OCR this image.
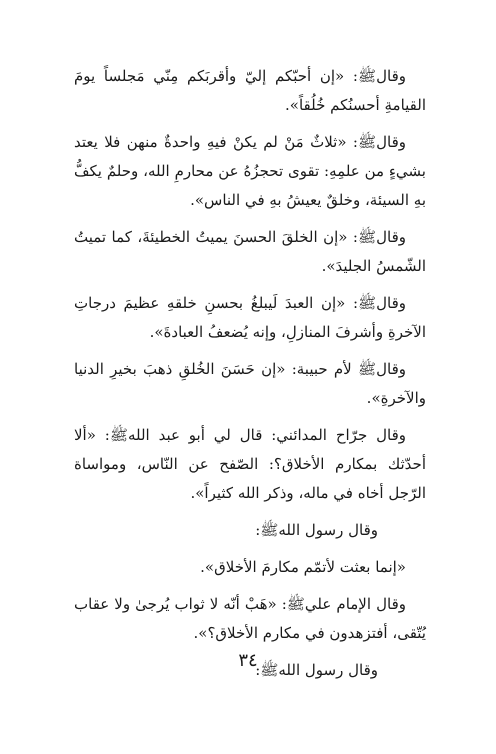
وقالﷺ: «إن أحبّكم إليّ وأقربَكم مِنّي مَجلساً يومَ القيامةِ أحسنُكم خُلُقاً».

وقالﷺ: «ثلاثٌ مَنْ لم يكنْ فيهِ واحدةٌ منهن فلا يعتد بشيءٍ من علمِهِ: تقوى تحجزُهُ عن محارمِ الله، وحلمٌ يكفُّ بهِ السيئة، وخلقٌ يعيشُ بهِ في الناس».

وقالﷺ: «إن الخلقَ الحسنَ يميتُ الخطيئةَ، كما تميتُ الشّمسُ الجليدَ».

وقالﷺ: «إن العبدَ لَيبلغُ بحسنِ خلقهِ عظيمَ درجاتِ الآخرةِ وأشرفَ المنازلِ، وإنه يُضعفُ العبادةَ».

وقالﷺ لأم حبيبة: «إن حَسَنَ الخُلقِ ذهبَ بخيرِ الدنيا والآخرةِ».

وقال جرّاح المدائني: قال لي أبو عبد اللهﷺ: «ألا أحدّثك بمكارم الأخلاق؟: الصّفح عن النّاس، ومواساة الرّجل أخاه في ماله، وذكر الله كثيراً».

وقال رسول اللهﷺ:

«إنما بعثت لأتمّم مكارمَ الأخلاق».

وقال الإمام عليﷺ: «هَبْ أنّه لا ثواب يُرجىٰ ولا عقاب يُتّقى، أفتزهدون في مكارم الأخلاق؟».

وقال رسول اللهﷺ:

٣٤
